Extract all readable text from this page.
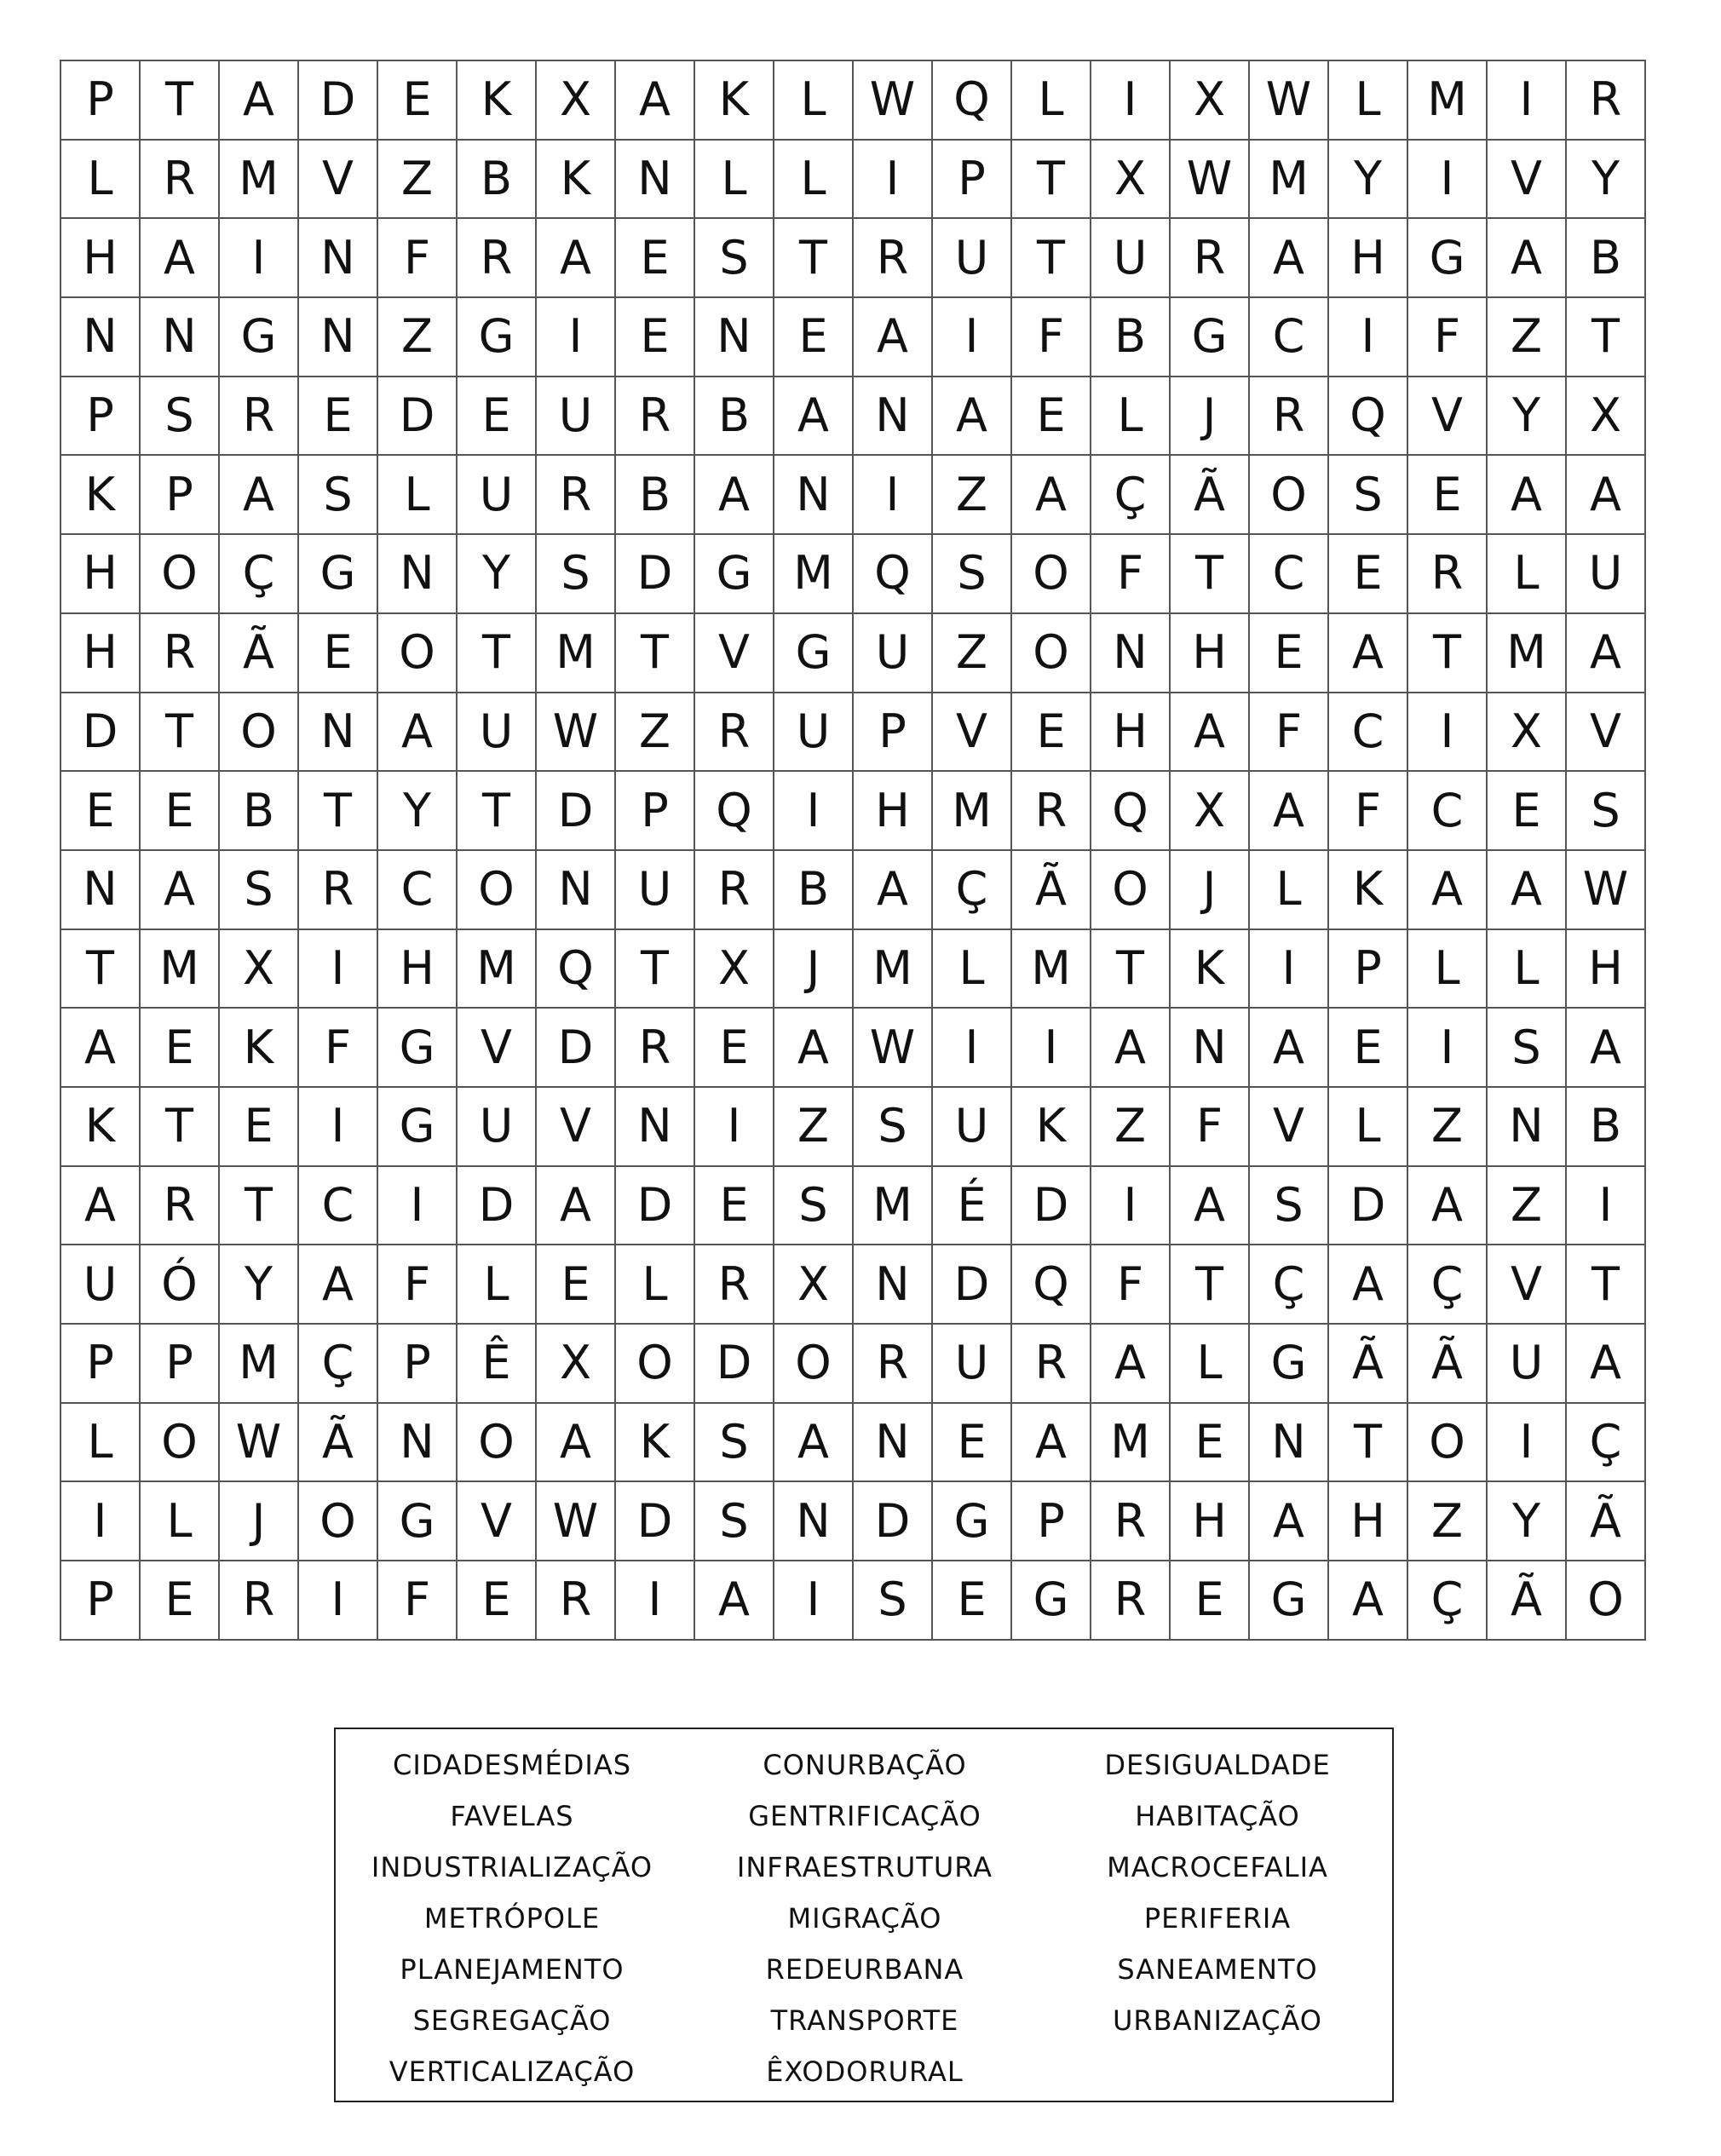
P	T	A D	E	K	X	A	K	L W Q	L	I	X W L	M	I	R
L	R M V	Z	B	K	N	L	L	I	P	T	X W M Y	I	V	Y
H	A	I	N	F	R	A	E	S	T	R	U	T	U	R	A	H G A	B
N N G N	Z G	I	E	N	E	A	I	F	B G C	I	F	Z	T
P	S	R	E	D	E	U	R	B	A	N	A	E	L	J	R Q V	Y	X
K	P	A	S	L	U	R	B	A	N	I	Z	A	Ç	Ã O	S	E	A	A
H O Ç G N	Y	S	D G M Q	S	O	F	T	C	E	R	L	U
H R	Ã	E	O	T M T	V G U	Z O N H	E	A	T M A
D	T	O N	A	U W Z	R	U	P	V	E	H	A	F	C	I	X	V
E	E	B	T	Y	T	D	P	Q	I	H M R Q X	A	F	C	E	S
N	A	S	R	C O N U	R	B	A	Ç	Ã O	J	L	K	A	A W
T M X	I	H M Q	T	X	J	M	L	M T	K	I	P	L	L	H
A	E	K	F	G V D R	E	A W	I	I	A	N	A	E	I	S	A
K	T	E	I	G U	V	N	I	Z	S	U	K	Z	F	V	L	Z	N	B
A	R	T	C	I	D A D	E	S M É	D	I	A	S	D A	Z	I
U Ó	Y	A	F	L	E	L	R	X	N D Q	F	T	Ç	A	Ç	V	T
P	P M Ç	P	Ê	X O D O R	U	R	A	L	G Ã	Ã	U	A
L	O W Ã	N O A	K	S	A	N	E	A M E	N	T	O	I	Ç
I	L	J	O G V W D	S	N D G	P	R H	A	H	Z	Y	Ã
P	E	R	I	F	E	R	I	A	I	S	E	G R	E	G A	Ç	Ã O
CIDADESMÉDIAS
FAVELAS
INDUSTRIALIZAÇÃO
METRÓPOLE
PLANEJAMENTO
SEGREGAÇÃO
VERTICALIZAÇÃO
CONURBAÇÃO
GENTRIFICAÇÃO
INFRAESTRUTURA
MIGRAÇÃO
REDEURBANA
TRANSPORTE
ÊXODORURAL
DESIGUALDADE
HABITAÇÃO
MACROCEFALIA
PERIFERIA
SANEAMENTO
URBANIZAÇÃO
